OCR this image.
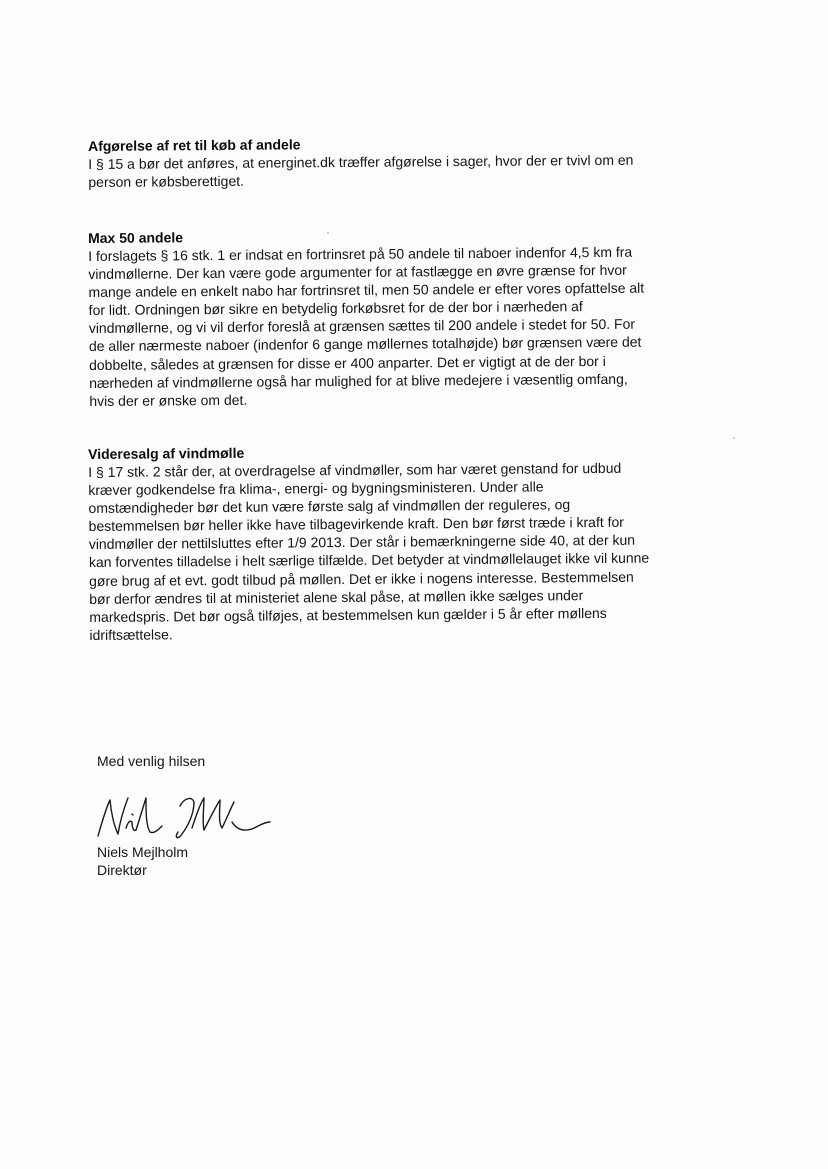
Afgørelse af ret til køb af andele

I § 15 a bør det anføres, at energinet.dk træffer afgørelse i sager, hvor der er tvivl om en
person er købsberettiget.

Max 50 andele

I forslagets § 16 stk. 1 er indsat en fortrinsret på 50 andele til naboer indenfor 4,5 km fra
vindmøllerne. Der kan være gode argumenter for at fastlægge en øvre grænse for hvor
mange andele en enkelt nabo har fortrinsret til, men 50 andele er efter vores opfattelse alt
for lidt. Ordningen bør sikre en betydelig forkøbsret for de der bor i nærheden af
vindmøllerne, og vi vil derfor foreslå at grænsen sættes til 200 andele i stedet for 50. For
de aller nærmeste naboer (indenfor 6 gange møllernes totalhøjde) bør grænsen være det
dobbelte, således at grænsen for disse er 400 anparter. Det er vigtigt at de der bor i
nærheden af vindmøllerne også har mulighed for at blive medejere i væsentlig omfang,
hvis der er ønske om det.

Videresalg af vindmølle

I § 17 stk. 2 står der, at overdragelse af vindmøller, som har været genstand for udbud
kræver godkendelse fra klima-, energi- og bygningsministeren. Under alle
omstændigheder bør det kun være første salg af vindmøllen der reguleres, og
bestemmelsen bør heller ikke have tilbagevirkende kraft. Den bør først træde i kraft for
vindmøller der nettilsluttes efter 1/9 2013. Der står i bemærkningerne side 40, at der kun
kan forventes tilladelse i helt særlige tilfælde. Det betyder at vindmøllelauget ikke vil kunne
gøre brug af et evt. godt tilbud på møllen. Det er ikke i nogens interesse. Bestemmelsen
bør derfor ændres til at ministeriet alene skal påse, at møllen ikke sælges under
markedspris. Det bør også tilføjes, at bestemmelsen kun gælder i 5 år efter møllens
idriftsættelse.

Med venlig hilsen
Niels Mejlholm
Direktør
